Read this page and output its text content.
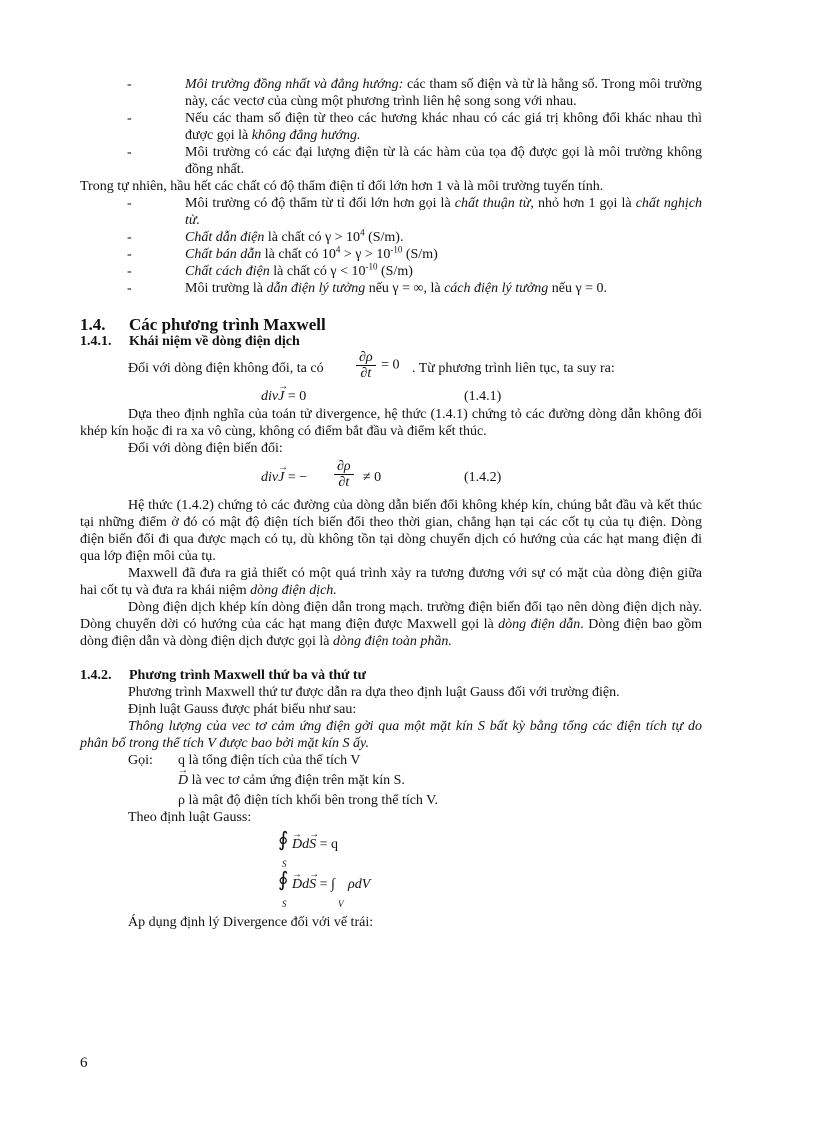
-	Môi trường đồng nhất và đẳng hướng: các tham số điện và từ là hằng số. Trong môi trường này, các vectơ của cùng một phương trình liên hệ song song với nhau.
-	Nếu các tham số điện từ theo các hương khác nhau có các giá trị không đổi khác nhau thì được gọi là không đẳng hướng.
-	Môi trường có các đại lượng điện từ là các hàm của tọa độ được gọi là môi trường không đồng nhất.
Trong tự nhiên, hầu hết các chất có độ thẩm điện tỉ đối lớn hơn 1 và là môi trường tuyến tính.
-	Môi trường có độ thẩm từ tỉ đối lớn hơn gọi là chất thuận từ, nhỏ hơn 1 gọi là chất nghịch từ.
-	Chất dẫn điện là chất có $\gamma > 10^4$ (S/m).
-	Chất bán dẫn là chất có $10^4 > \gamma > 10^{-10}$ (S/m)
-	Chất cách điện là chất có $\gamma < 10^{-10}$ (S/m)
-	Môi trường là dẫn điện lý tưởng nếu γ = ∞, là cách điện lý tưởng nếu γ = 0.
1.4. Các phương trình Maxwell
1.4.1. Khái niệm về dòng điện dịch
Đối với dòng điện không đổi, ta có $\frac{\partial\rho}{\partial t} = 0$ . Từ phương trình liên tục, ta suy ra:
div→ J = 0	(1.4.1)
Dựa theo định nghĩa của toán tử divergence, hệ thức (1.4.1) chứng tỏ các đường dòng dẫn không đổi khép kín hoặc đi ra xa vô cùng, không có điểm bắt đầu và điểm kết thúc.
Đối với dòng điện biến đổi:
div→ J = − $\frac{\partial\rho}{\partial t} \ne 0$	(1.4.2)
Hệ thức (1.4.2) chứng tỏ các đường của dòng dẫn biến đổi không khép kín, chúng bắt đầu và kết thúc tại những điểm ở đó có mật độ điện tích biến đổi theo thời gian, chẳng hạn tại các cốt tụ của tụ điện. Dòng điện biến đổi đi qua được mạch có tụ, dù không tồn tại dòng chuyển dịch có hướng của các hạt mang điện đi qua lớp điện môi của tụ.
Maxwell đã đưa ra giả thiết có một quá trình xảy ra tương đương với sự có mặt của dòng điện giữa hai cốt tụ và đưa ra khái niệm dòng điện dịch.
Dòng điện dịch khép kín dòng điện dẫn trong mạch. trường điện biến đổi tạo nên dòng điện dịch này. Dòng chuyển dời có hướng của các hạt mang điện được Maxwell gọi là dòng điện dẫn. Dòng điện bao gồm dòng điện dẫn và dòng điện dịch được gọi là dòng điện toàn phần.
1.4.2. Phương trình Maxwell thứ ba và thứ tư
Phương trình Maxwell thứ tư được dẫn ra dựa theo định luật Gauss đối với trường điện.
Định luật Gauss được phát biểu như sau:
Thông lượng của vec tơ cảm ứng điện gởi qua một mặt kín S bất kỳ bằng tổng các điện tích tự do phân bố trong thể tích V được bao bởi mặt kín S ấy.
Gọi: q là tổng điện tích của thể tích V
→ D là vec tơ cảm ứng điện trên mặt kín S.
ρ là mật độ điện tích khối bên trong thể tích V.
Theo định luật Gauss:
∮
S
→ Dd→ S = q
∮
S
→ Dd→ S = ∫
V
ρdV
Áp dụng định lý Divergence đối với vế trái:
6
